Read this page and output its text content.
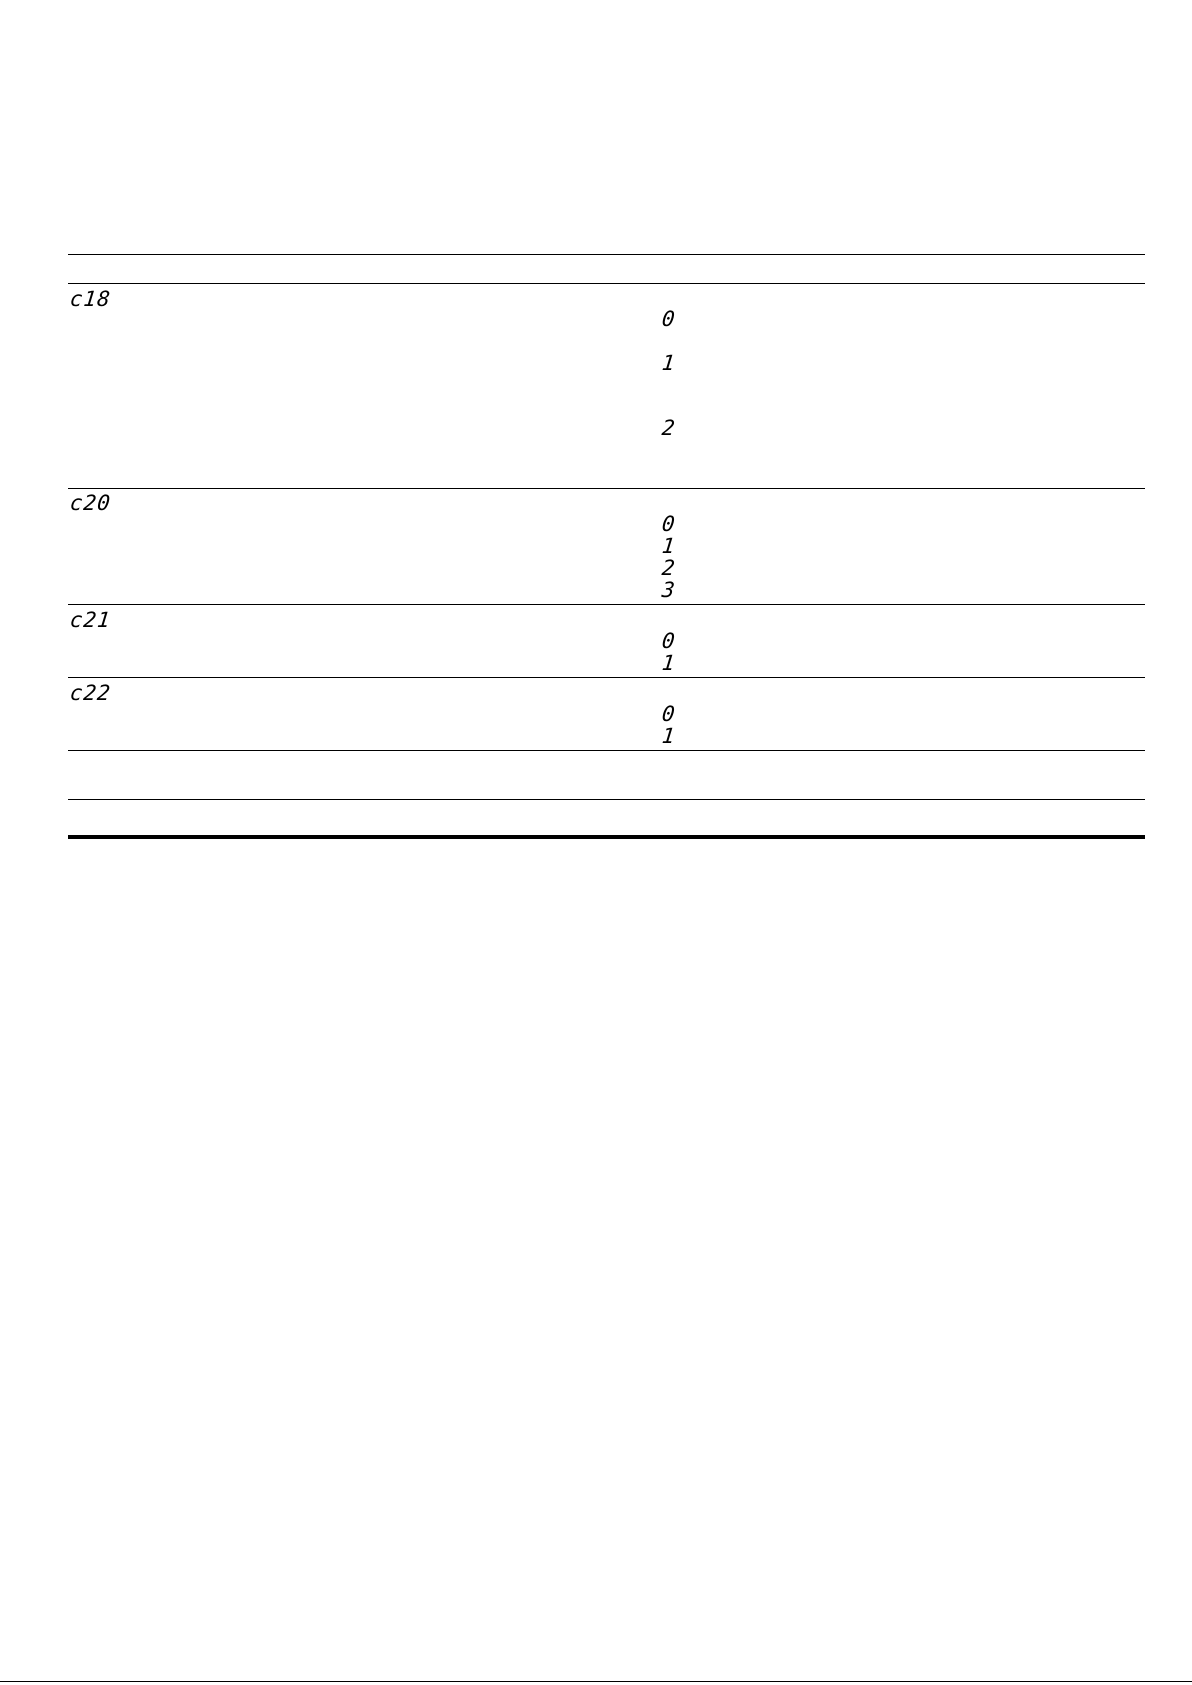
c18
0
1
2
c20
0
1
2
3
c21
0
1
c22
0
1
